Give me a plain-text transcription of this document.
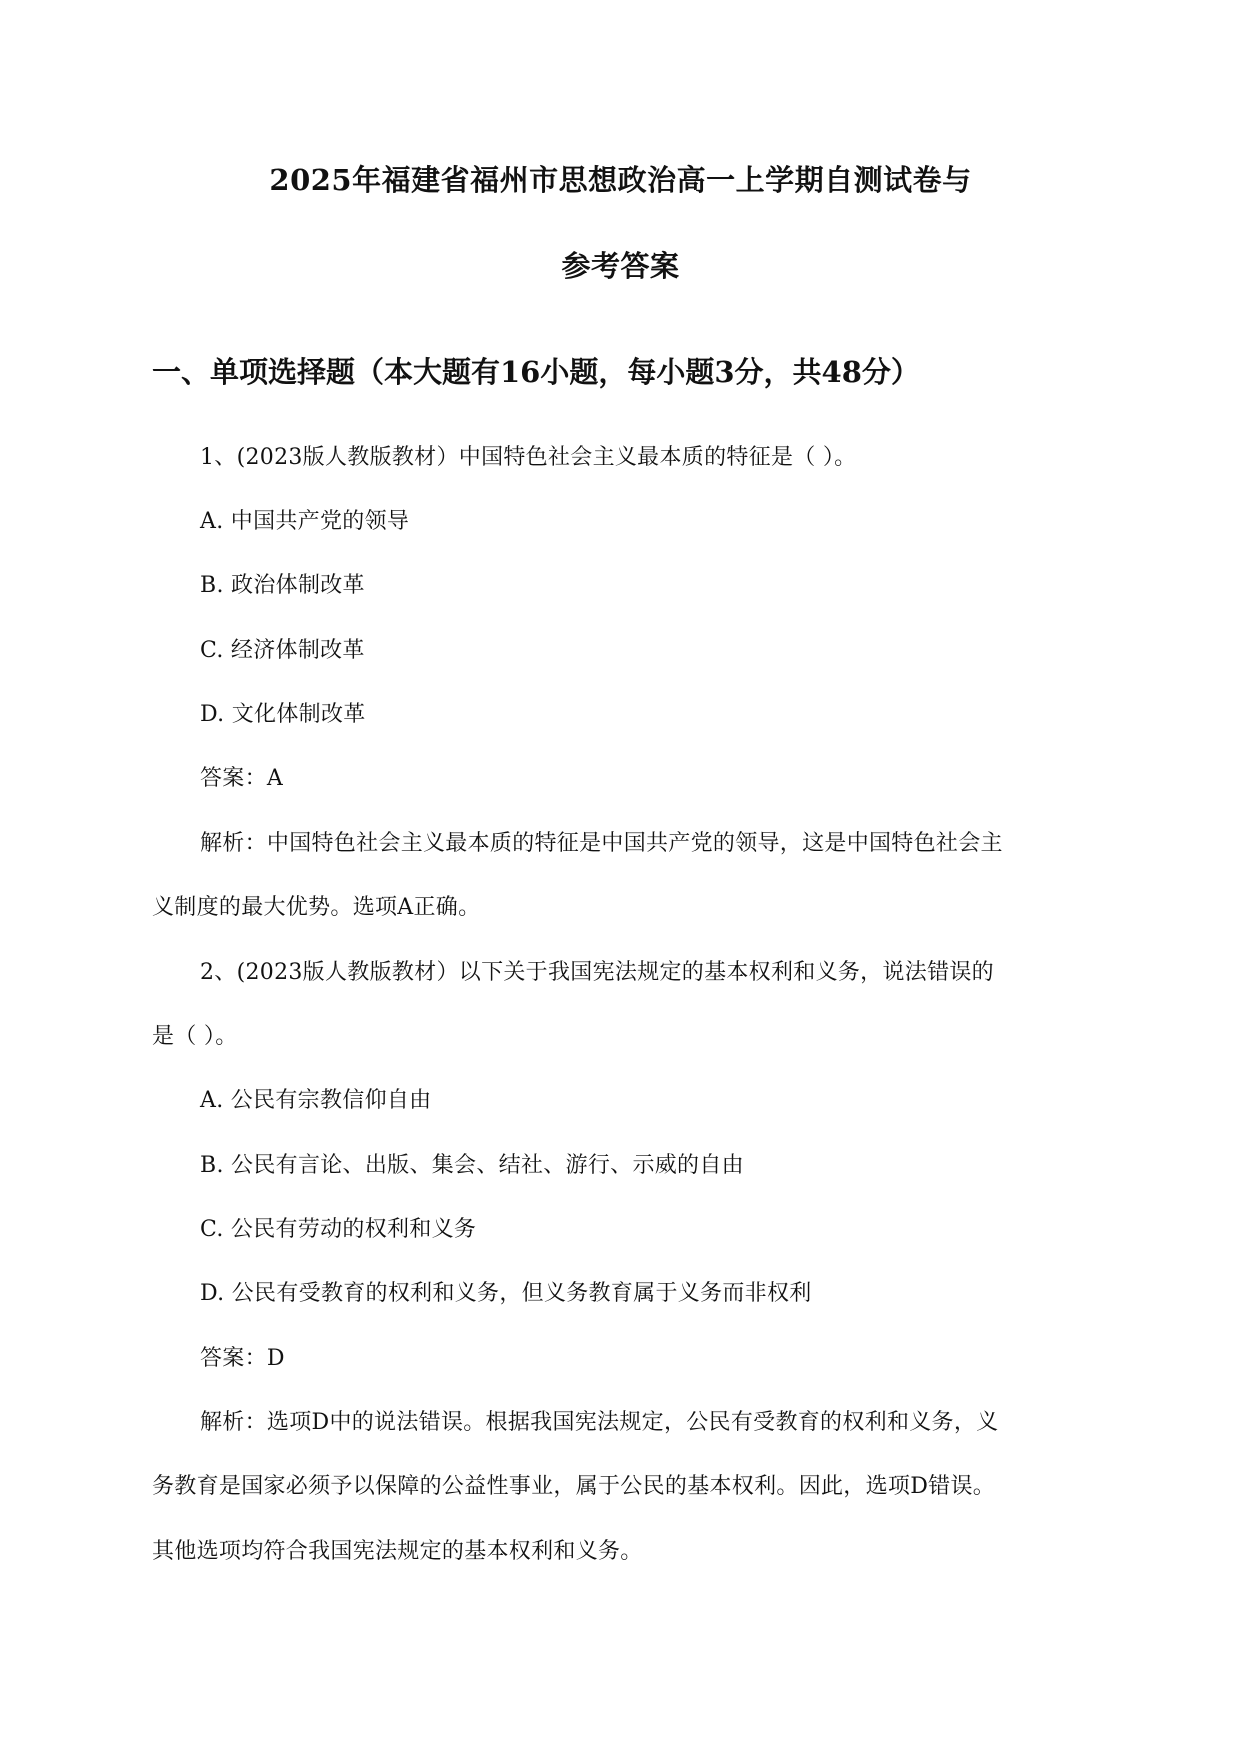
2025年福建省福州市思想政治高一上学期自测试卷与
参考答案
一、单项选择题（本大题有16小题，每小题3分，共48分）
1、(2023版人教版教材）中国特色社会主义最本质的特征是（ ）。
A. 中国共产党的领导
B. 政治体制改革
C. 经济体制改革
D. 文化体制改革
答案：A
解析：中国特色社会主义最本质的特征是中国共产党的领导，这是中国特色社会主
义制度的最大优势。选项A正确。
2、(2023版人教版教材）以下关于我国宪法规定的基本权利和义务，说法错误的
是（ ）。
A. 公民有宗教信仰自由
B. 公民有言论、出版、集会、结社、游行、示威的自由
C. 公民有劳动的权利和义务
D. 公民有受教育的权利和义务，但义务教育属于义务而非权利
答案：D
解析：选项D中的说法错误。根据我国宪法规定，公民有受教育的权利和义务，义
务教育是国家必须予以保障的公益性事业，属于公民的基本权利。因此，选项D错误。
其他选项均符合我国宪法规定的基本权利和义务。
